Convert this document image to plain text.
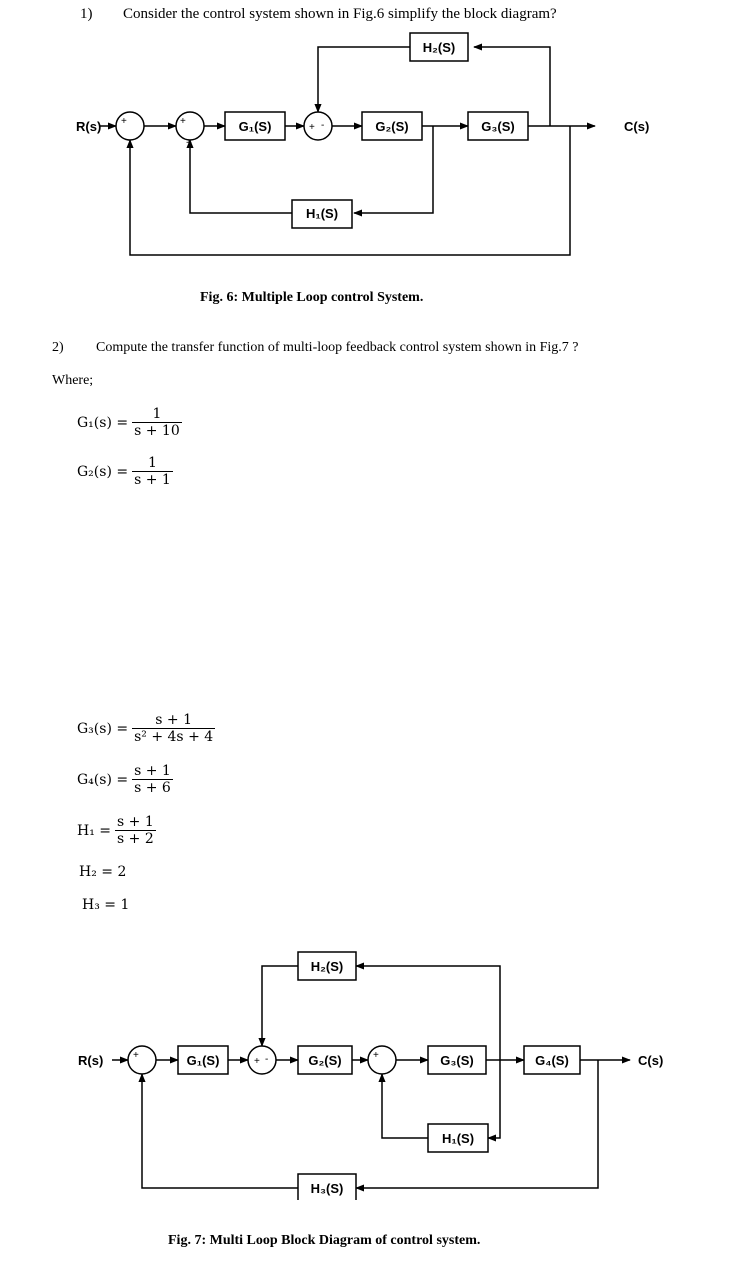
1) Consider the control system shown in Fig.6 simplify the block diagram?
R(s)	C(s)
G₁(S)	G₂(S)	G₃(S)
H₂(S)
H₁(S)
+	+
+
+ -
Fig. 6: Multiple Loop control System.
2) Compute the transfer function of multi-loop feedback control system shown in Fig.7 ?
Where;
$G_1(s) = \frac{1}{s + 10}$
$G_2(s) = \frac{1}{s + 1}$
$G_3(s) = \frac{s + 1}{\text{s² + 4s + 4}}$
$G_4(s) = \frac{s + 1}{s + 6}$
$H_1 = \frac{s + 1}{s + 2}$
H₂ = 2
H₃ = 1
R(s)	C(s)
G₁(S)	G₂(S)	G₃(S)	G₄(S)
H₂(S)
H₁(S)
H₃(S)
+
+ -	+
Fig. 7: Multi Loop Block Diagram of control system.
